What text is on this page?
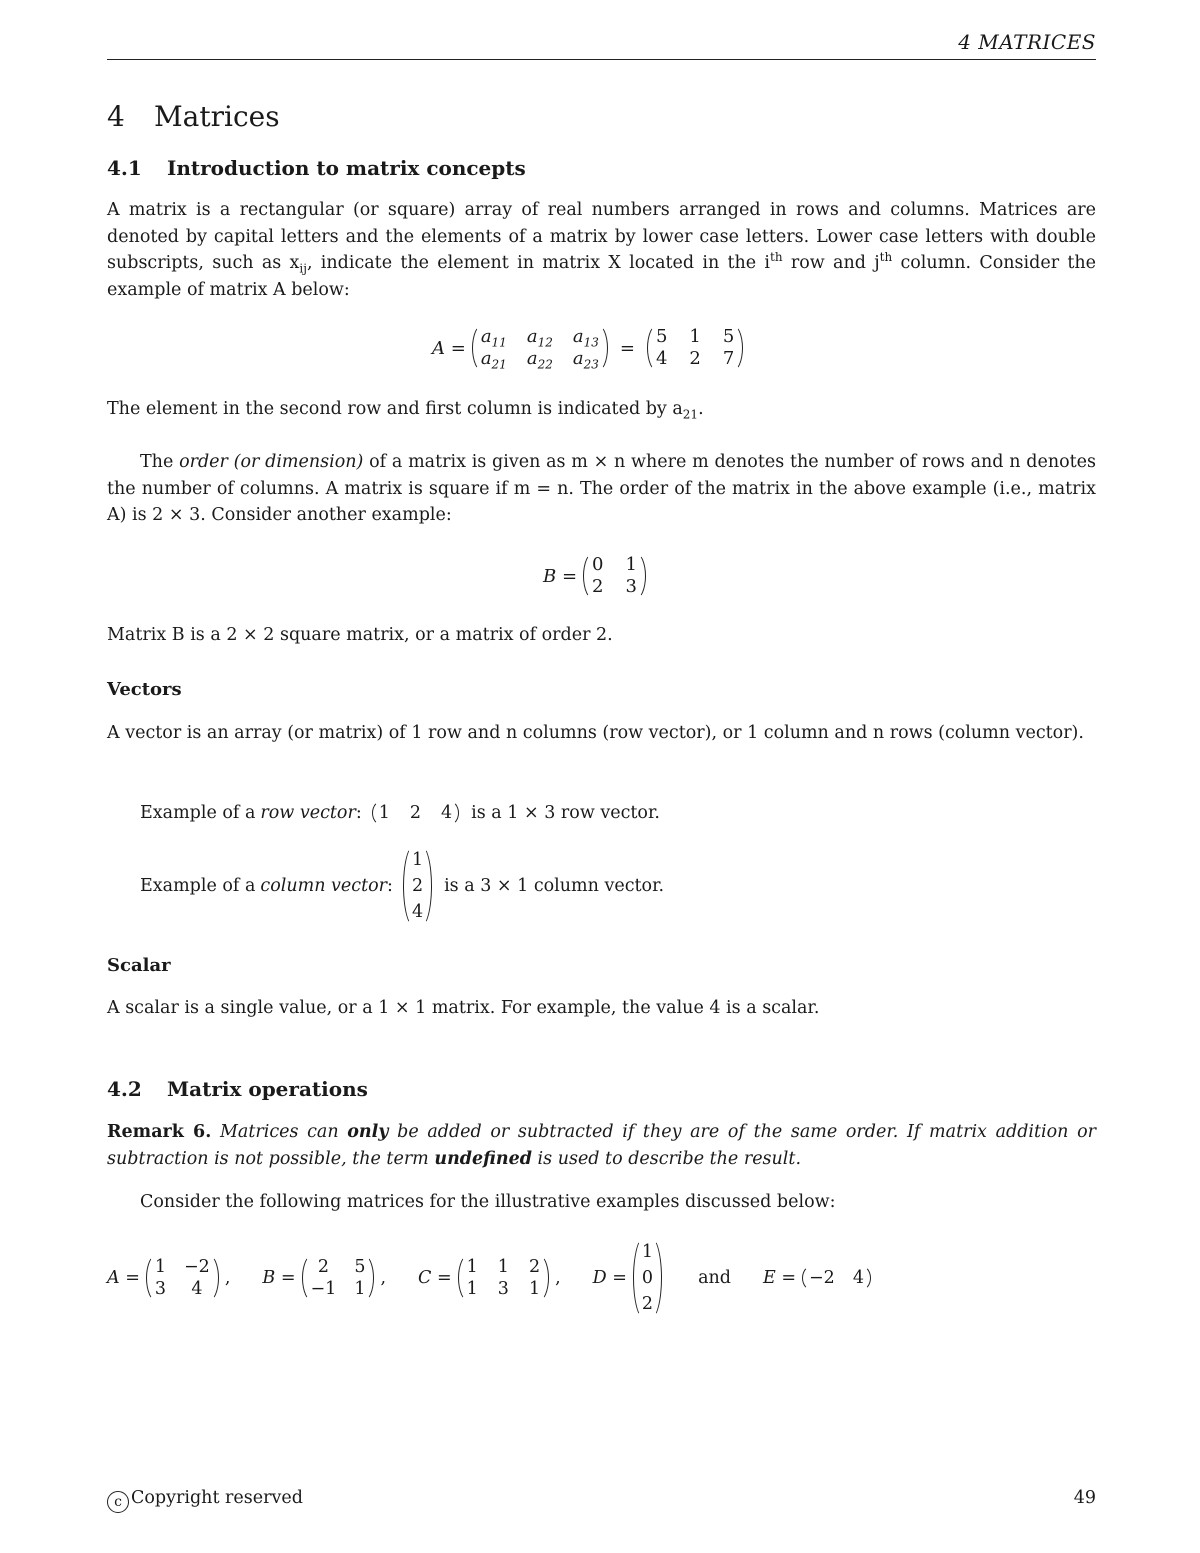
4 MATRICES
4 Matrices
4.1 Introduction to matrix concepts
A matrix is a rectangular (or square) array of real numbers arranged in rows and columns. Matrices are denoted by capital letters and the elements of a matrix by lower case letters. Lower case letters with double subscripts, such as $x_{ij}$, indicate the element in matrix X located in the $i^{th}$ row and $j^{th}$ column. Consider the example of matrix A below:
A =
$a_{11}$ $a_{12}$ $a_{13}$
$a_{21}$ $a_{22}$ $a_{23}$
=
5 1 5
4 2 7
The element in the second row and first column is indicated by $a_{21}$.
The order (or dimension) of a matrix is given as m × n where m denotes the number of rows and n denotes the number of columns. A matrix is square if m = n. The order of the matrix in the above example (i.e., matrix A) is 2 × 3. Consider another example:
B =
0 1
2 3
Matrix B is a 2 × 2 square matrix, or a matrix of order 2.
Vectors
A vector is an array (or matrix) of 1 row and n columns (row vector), or 1 column and n rows (column vector).
Example of a row vector : 1 2 4 is a 1 × 3 row vector.
Example of a column vector :
1
2
4
is a 3 × 1 column vector.
Scalar
A scalar is a single value, or a 1 × 1 matrix. For example, the value 4 is a scalar.
4.2 Matrix operations
Remark 6. Matrices can only be added or subtracted if they are of the same order. If matrix addition or subtraction is not possible, the term undefined is used to describe the result.
Consider the following matrices for the illustrative examples discussed below:
A =
1 −2
3	4
, B =
2	5
−1 1
, C =
1 1 2
1 3 1
, D =
1
0
2
and E = −2 4
c Copyright reserved	49
